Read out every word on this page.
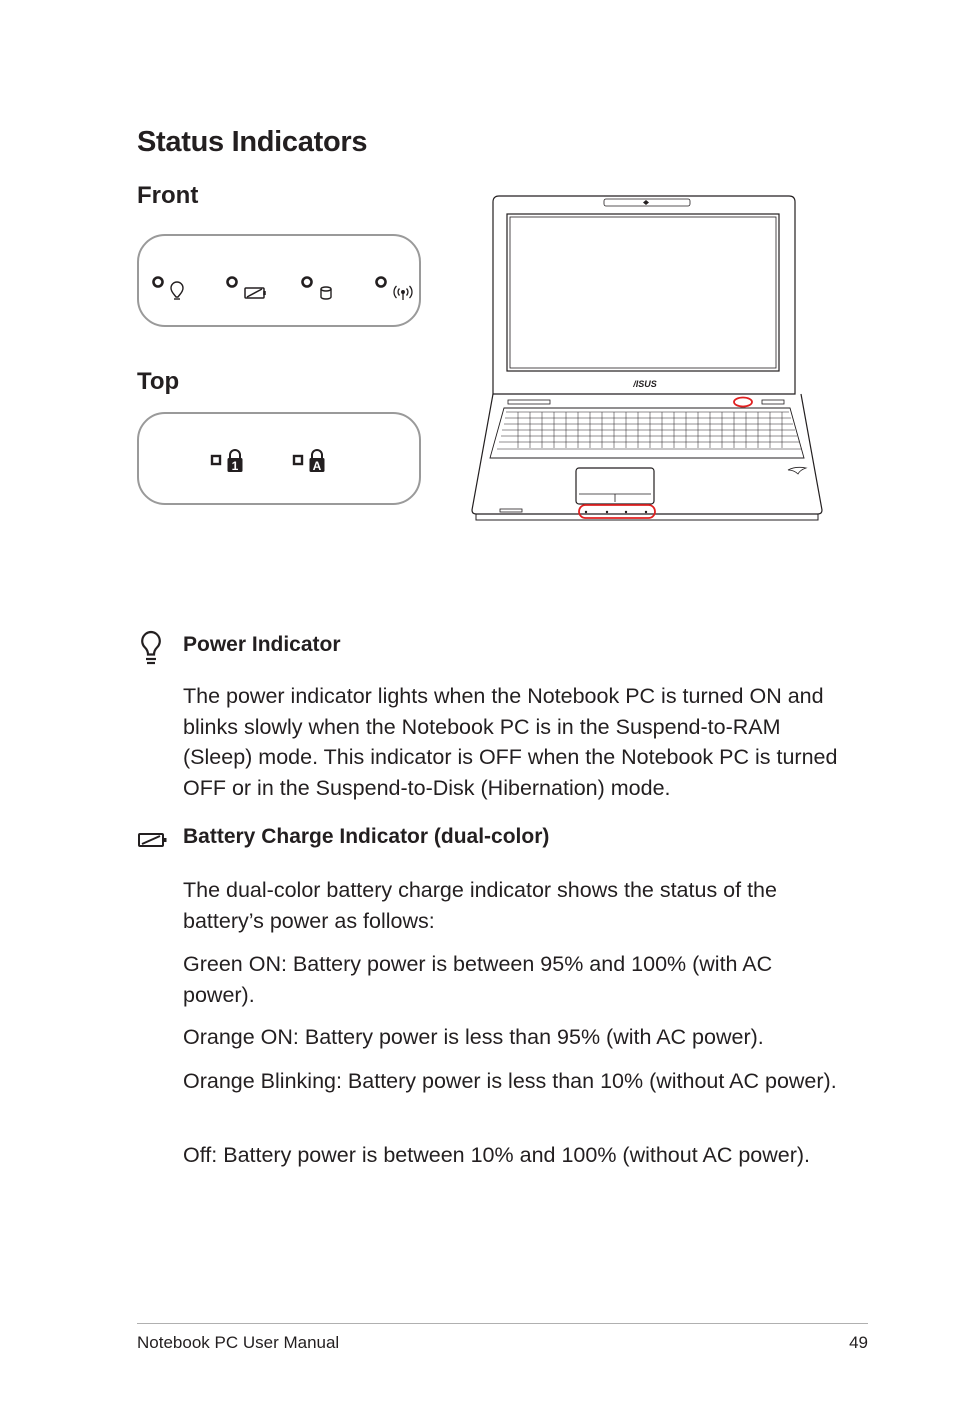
Status Indicators
Front
Top
1	A
/ISUS
Power Indicator
The power indicator lights when the Notebook PC is turned ON and blinks slowly when the Notebook PC is in the Suspend-to-RAM (Sleep) mode. This indicator is OFF when the Notebook PC is turned OFF or in the Suspend-to-Disk (Hibernation) mode.
Battery Charge Indicator (dual-color)
The dual-color battery charge indicator shows the status of the battery’s power as follows:
Green ON: Battery power is between 95% and 100% (with AC power).
Orange ON: Battery power is less than 95% (with AC power).
Orange Blinking: Battery power is less than 10% (without AC power).
Off: Battery power is between 10% and 100% (without AC power).
Notebook PC User Manual	49
